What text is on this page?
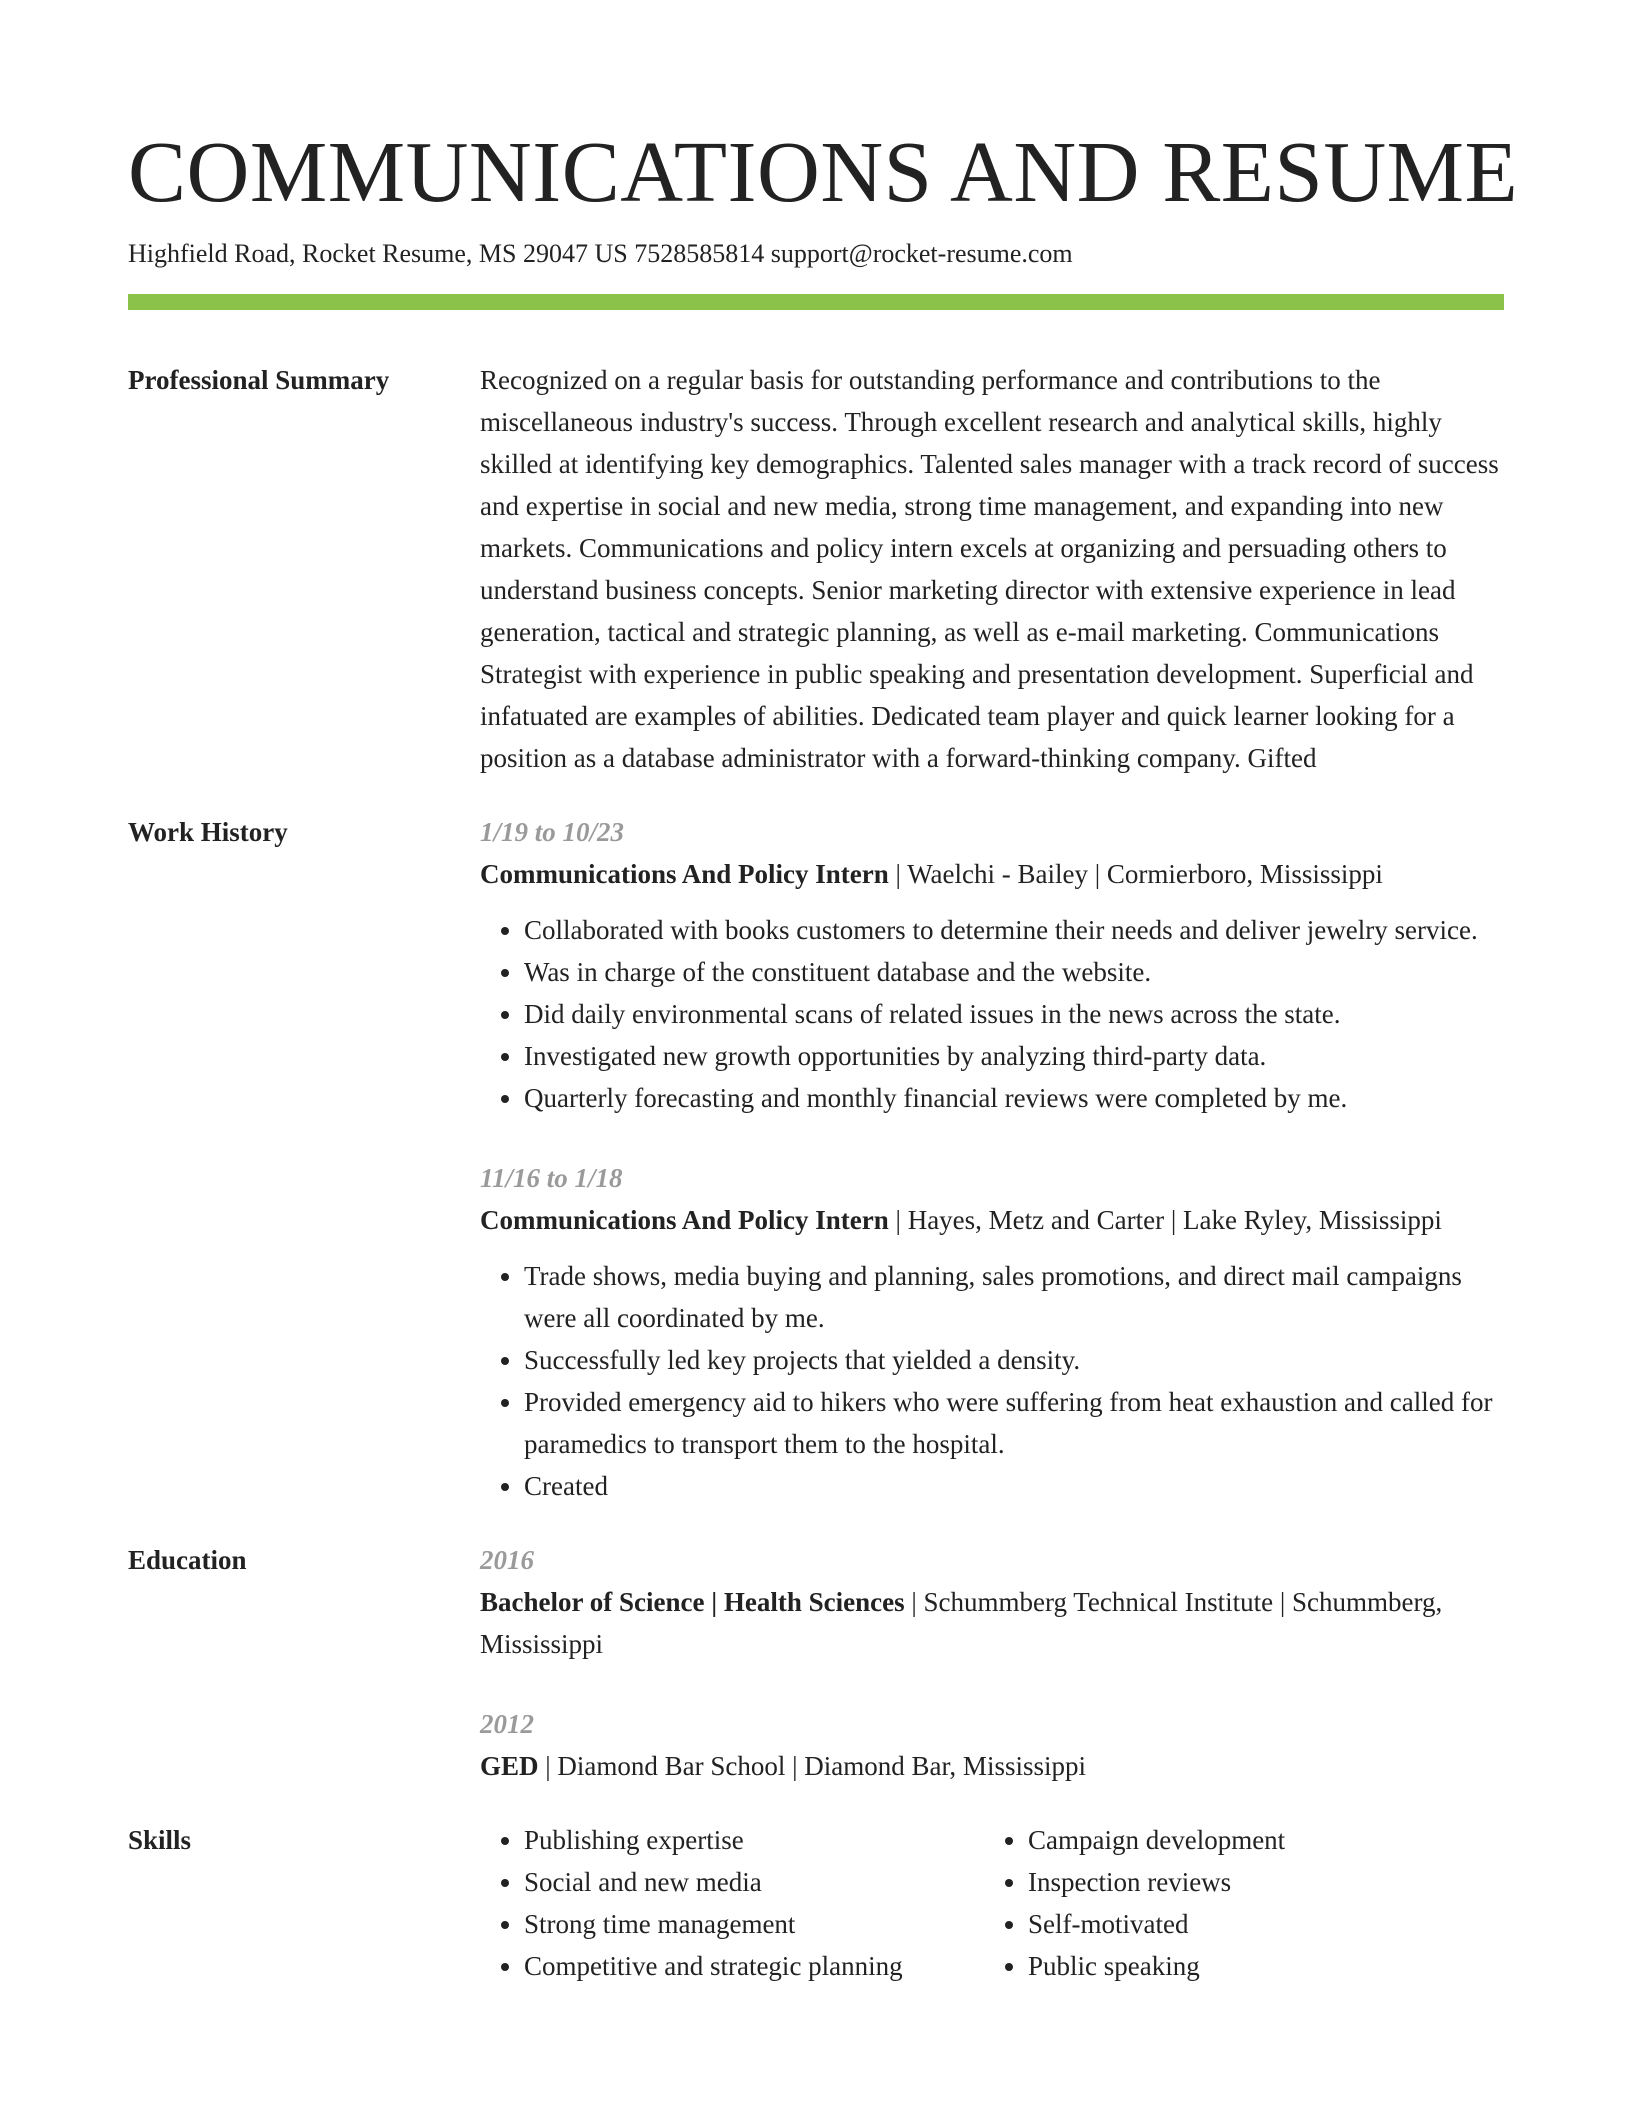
COMMUNICATIONS AND RESUME
Highfield Road, Rocket Resume, MS 29047 US 7528585814 support@rocket-resume.com
Professional Summary	Recognized on a regular basis for outstanding performance and contributions to the miscellaneous industry's success. Through excellent research and analytical skills, highly skilled at identifying key demographics. Talented sales manager with a track record of success and expertise in social and new media, strong time management, and expanding into new markets. Communications and policy intern excels at organizing and persuading others to understand business concepts. Senior marketing director with extensive experience in lead generation, tactical and strategic planning, as well as e-mail marketing. Communications Strategist with experience in public speaking and presentation development. Superficial and infatuated are examples of abilities. Dedicated team player and quick learner looking for a position as a database administrator with a forward-thinking company. Gifted
Work History	1/19 to 10/23
Communications And Policy Intern | Waelchi - Bailey | Cormierboro, Mississippi
• Collaborated with books customers to determine their needs and deliver jewelry service.
• Was in charge of the constituent database and the website.
• Did daily environmental scans of related issues in the news across the state.
• Investigated new growth opportunities by analyzing third-party data.
• Quarterly forecasting and monthly financial reviews were completed by me.
11/16 to 1/18
Communications And Policy Intern | Hayes, Metz and Carter | Lake Ryley, Mississippi
• Trade shows, media buying and planning, sales promotions, and direct mail campaigns were all coordinated by me.
• Successfully led key projects that yielded a density.
• Provided emergency aid to hikers who were suffering from heat exhaustion and called for paramedics to transport them to the hospital.
• Created
Education	2016
Bachelor of Science | Health Sciences | Schummberg Technical Institute | Schummberg, Mississippi
2012
GED | Diamond Bar School | Diamond Bar, Mississippi
Skills
•	Publishing expertise
• Social and new media
• Strong time management
• Competitive and strategic planning
• Campaign development
• Inspection reviews
• Self-motivated
• Public speaking
